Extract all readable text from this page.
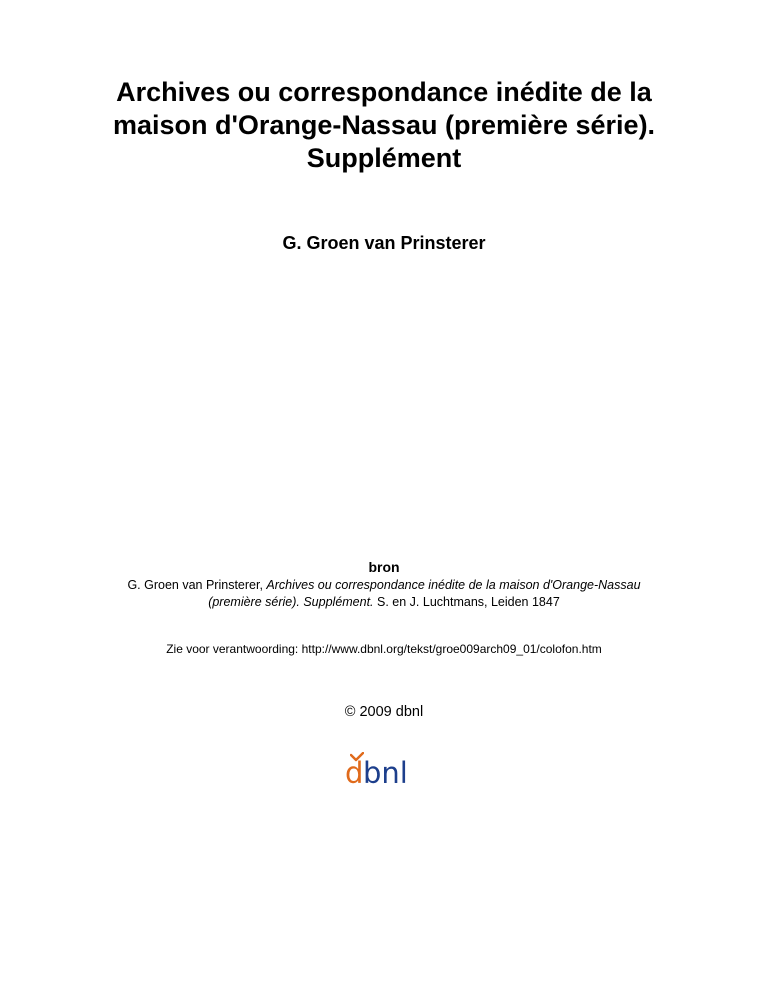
Archives ou correspondance inédite de la
maison d'Orange-Nassau (première série).
Supplément
G. Groen van Prinsterer
bron
G. Groen van Prinsterer, Archives ou correspondance inédite de la maison d'Orange-Nassau
(première série). Supplément. S. en J. Luchtmans, Leiden 1847
Zie voor verantwoording: http://www.dbnl.org/tekst/groe009arch09_01/colofon.htm
© 2009 dbnl
d bnl
